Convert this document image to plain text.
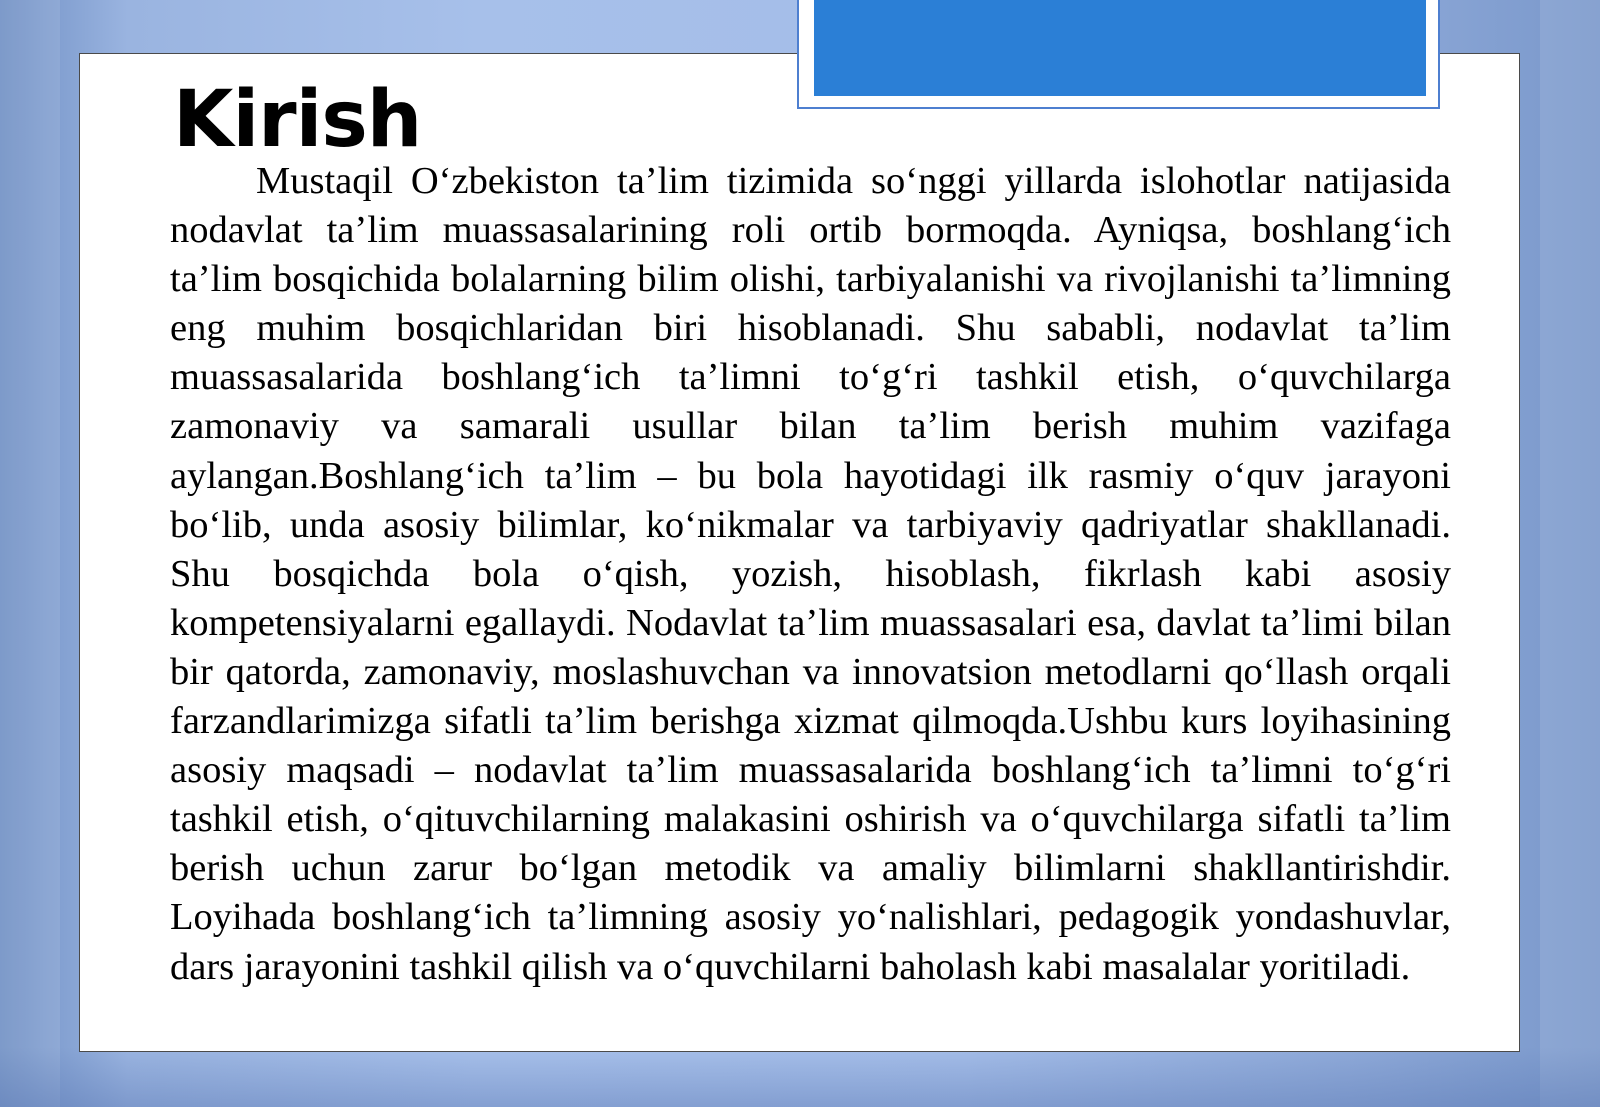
Kirish

Mustaqil O‘zbekiston ta’lim tizimida so‘nggi yillarda islohotlar natijasida nodavlat ta’lim muassasalarining roli ortib bormoqda. Ayniqsa, boshlang‘ich ta’lim bosqichida bolalarning bilim olishi, tarbiyalanishi va rivojlanishi ta’limning eng muhim bosqichlaridan biri hisoblanadi. Shu sababli, nodavlat ta’lim muassasalarida boshlang‘ich ta’limni to‘g‘ri tashkil etish, o‘quvchilarga zamonaviy va samarali usullar bilan ta’lim berish muhim vazifaga aylangan.Boshlang‘ich ta’lim – bu bola hayotidagi ilk rasmiy o‘quv jarayoni bo‘lib, unda asosiy bilimlar, ko‘nikmalar va tarbiyaviy qadriyatlar shakllanadi. Shu bosqichda bola o‘qish, yozish, hisoblash, fikrlash kabi asosiy kompetensiyalarni egallaydi. Nodavlat ta’lim muassasalari esa, davlat ta’limi bilan bir qatorda, zamonaviy, moslashuvchan va innovatsion metodlarni qo‘llash orqali farzandlarimizga sifatli ta’lim berishga xizmat qilmoqda.Ushbu kurs loyihasining asosiy maqsadi – nodavlat ta’lim muassasalarida boshlang‘ich ta’limni to‘g‘ri tashkil etish, o‘qituvchilarning malakasini oshirish va o‘quvchilarga sifatli ta’lim berish uchun zarur bo‘lgan metodik va amaliy bilimlarni shakllantirishdir. Loyihada boshlang‘ich ta’limning asosiy yo‘nalishlari, pedagogik yondashuvlar, dars jarayonini tashkil qilish va o‘quvchilarni baholash kabi masalalar yoritiladi.
